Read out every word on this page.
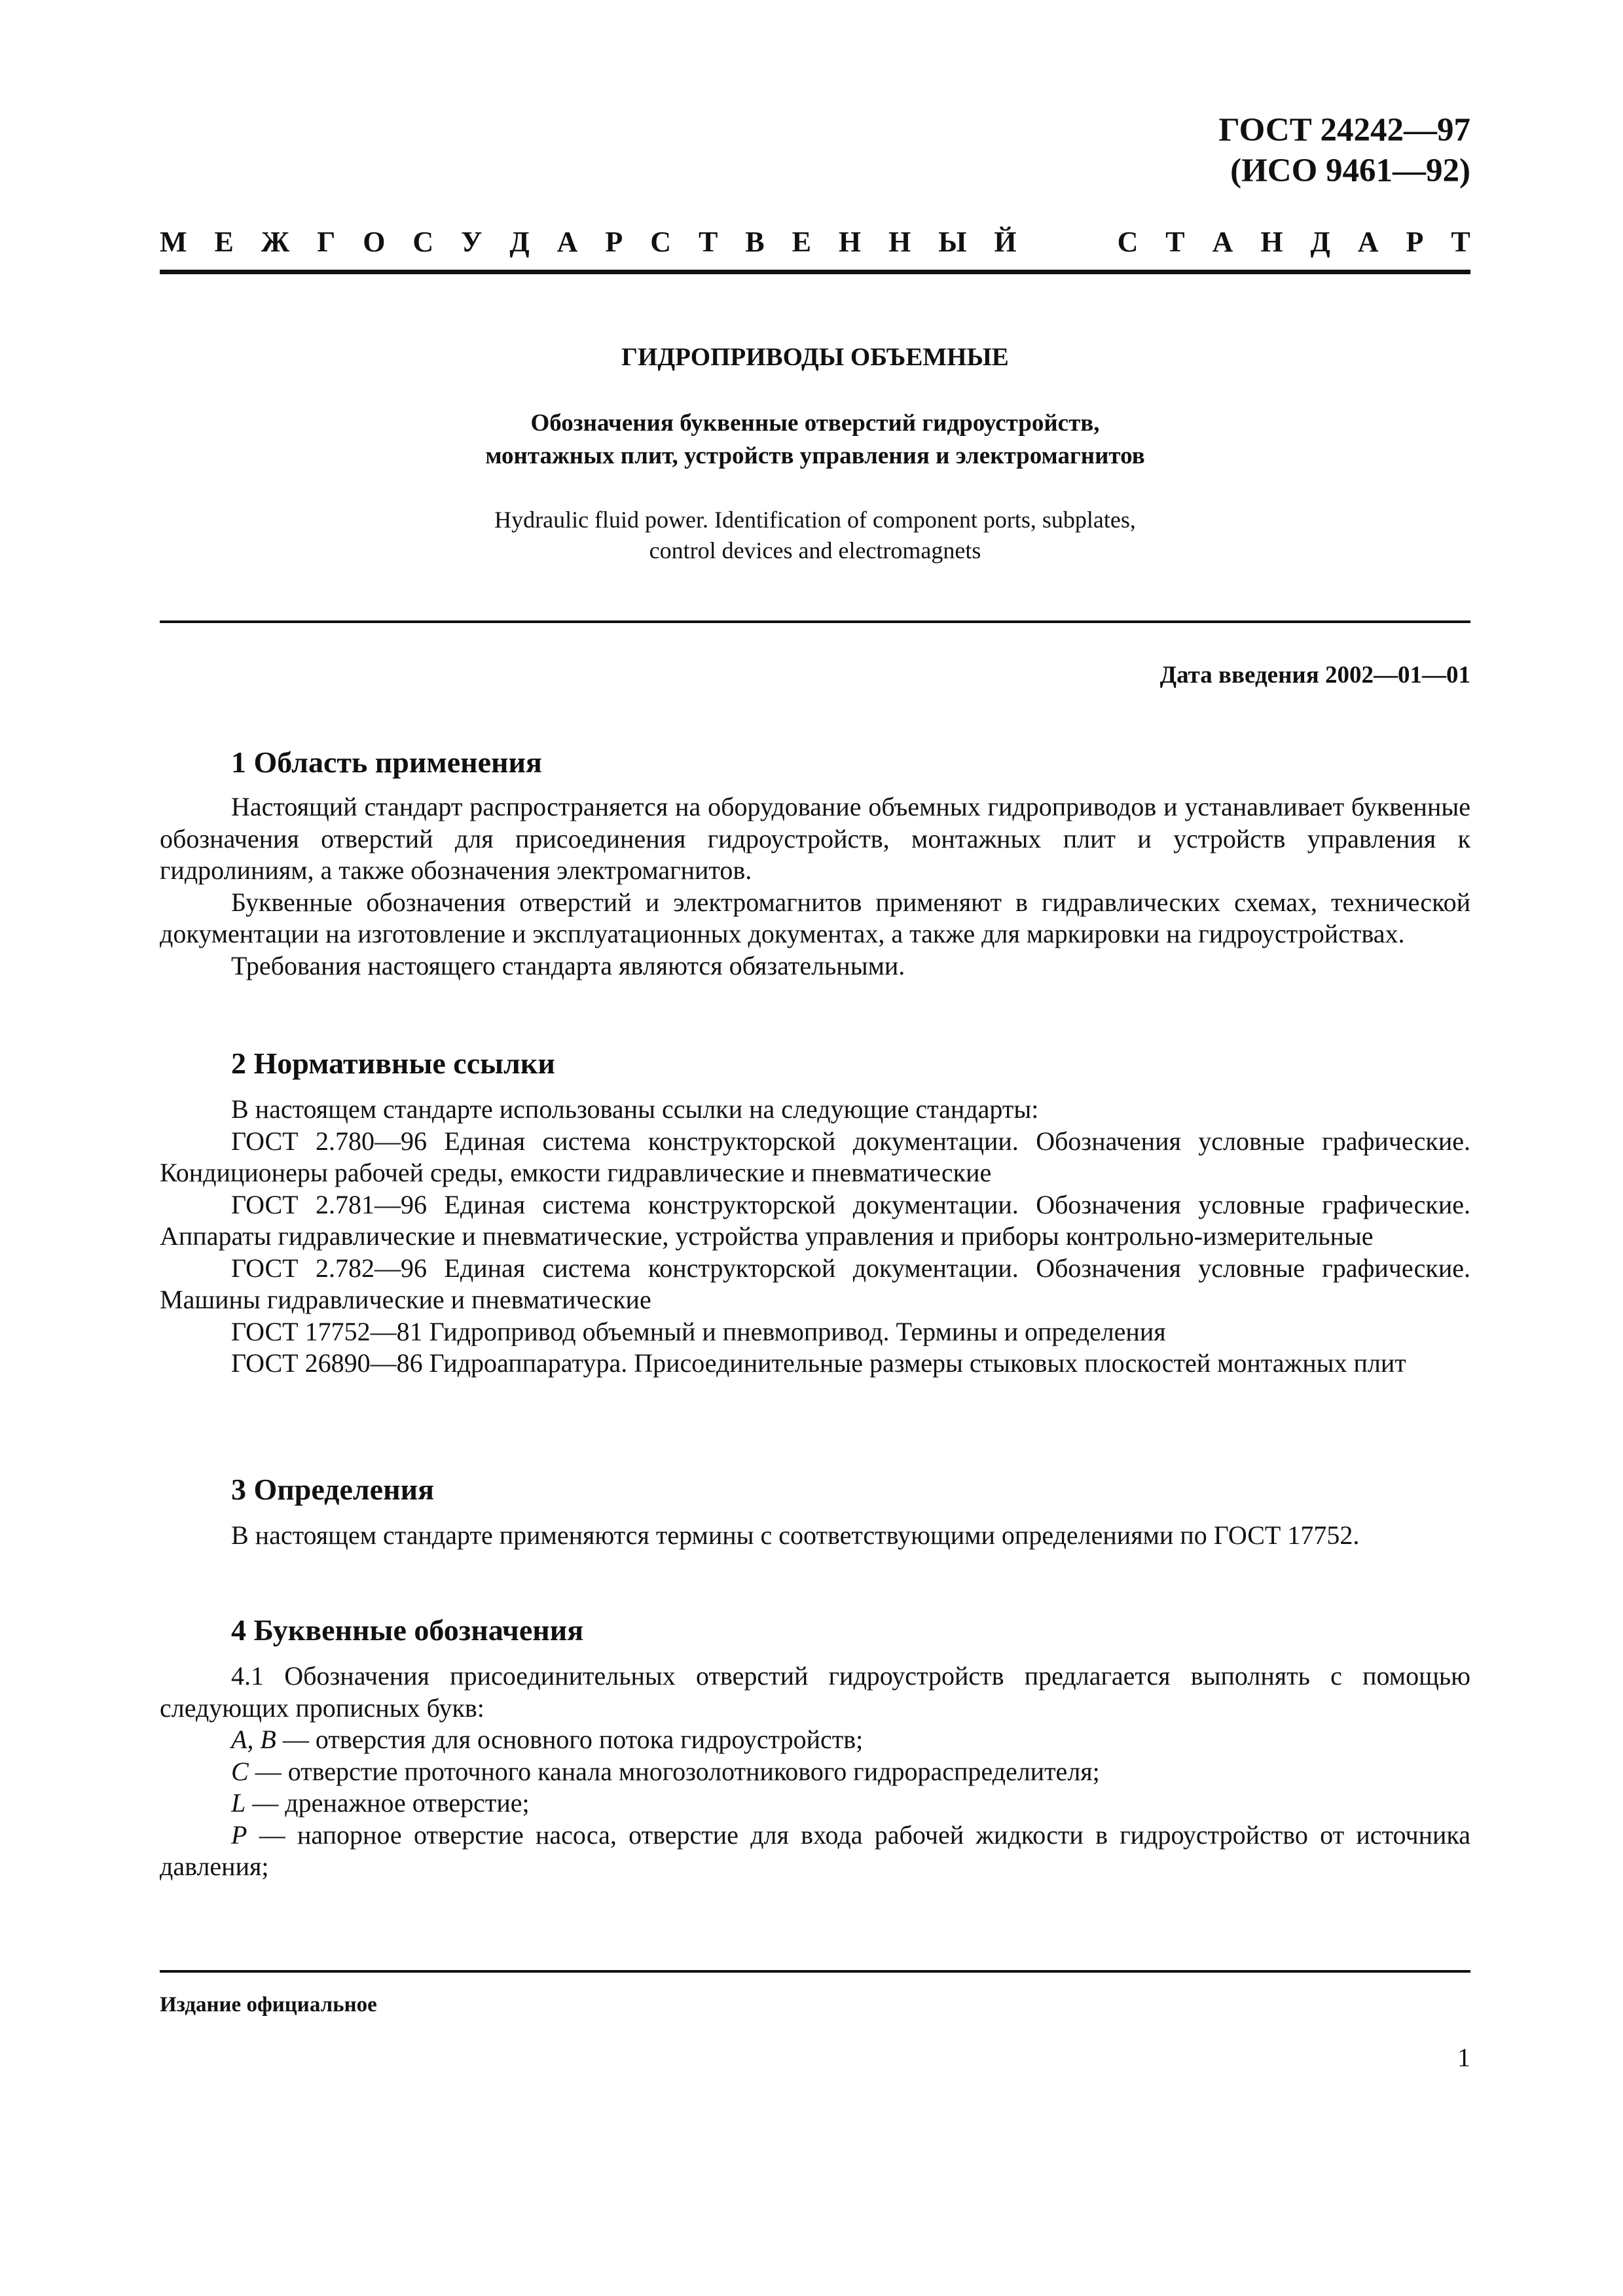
ГОСТ 24242—97
(ИСО 9461—92)
М Е Ж Г О С У Д А Р С Т В Е Н Н Ы Й	С Т А Н Д А Р Т
ГИДРОПРИВОДЫ ОБЪЕМНЫЕ
Обозначения буквенные отверстий гидроустройств,
монтажных плит, устройств управления и электромагнитов
Hydraulic fluid power. Identification of component ports, subplates,
control devices and electromagnets
Дата введения 2002—01—01
1 Область применения

Настоящий стандарт распространяется на оборудование объемных гидроприводов и устанавливает буквенные обозначения отверстий для присоединения гидроустройств, монтажных плит и устройств управления к гидролиниям, а также обозначения электромагнитов.

Буквенные обозначения отверстий и электромагнитов применяют в гидравлических схемах, технической документации на изготовление и эксплуатационных документах, а также для маркировки на гидроустройствах.

Требования настоящего стандарта являются обязательными.

2 Нормативные ссылки

В настоящем стандарте использованы ссылки на следующие стандарты:

ГОСТ 2.780—96 Единая система конструкторской документации. Обозначения условные графические. Кондиционеры рабочей среды, емкости гидравлические и пневматические

ГОСТ 2.781—96 Единая система конструкторской документации. Обозначения условные графические. Аппараты гидравлические и пневматические, устройства управления и приборы контрольно-измерительные

ГОСТ 2.782—96 Единая система конструкторской документации. Обозначения условные графические. Машины гидравлические и пневматические

ГОСТ 17752—81 Гидропривод объемный и пневмопривод. Термины и определения

ГОСТ 26890—86 Гидроаппаратура. Присоединительные размеры стыковых плоскостей монтажных плит

3 Определения

В настоящем стандарте применяются термины с соответствующими определениями по ГОСТ 17752.

4 Буквенные обозначения

4.1 Обозначения присоединительных отверстий гидроустройств предлагается выполнять с помощью следующих прописных букв:

A, B — отверстия для основного потока гидроустройств;

C — отверстие проточного канала многозолотникового гидрораспределителя;

L — дренажное отверстие;

P — напорное отверстие насоса, отверстие для входа рабочей жидкости в гидроустройство от источника давления;

Издание официальное
1
